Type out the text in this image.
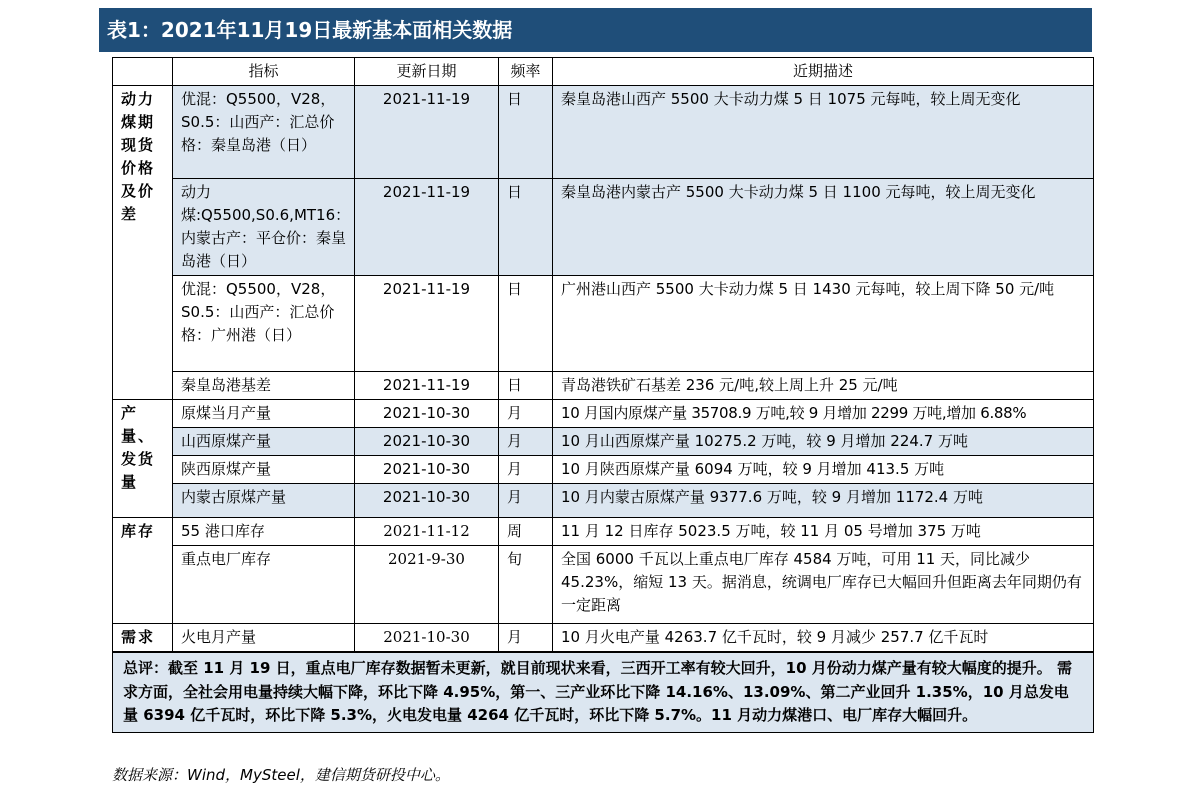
表1：2021年11月19日最新基本面相关数据
	指标	更新日期	频率	近期描述
动力煤期现货价格及价差	优混：Q5500，V28，S0.5：山西产：汇总价格：秦皇岛港（日）	2021-11-19	日	秦皇岛港山西产 5500 大卡动力煤 5 日 1075 元每吨，较上周无变化
	动力煤:Q5500,S0.6,MT16：内蒙古产：平仓价：秦皇岛港（日）	2021-11-19	日	秦皇岛港内蒙古产 5500 大卡动力煤 5 日 1100 元每吨，较上周无变化
	优混：Q5500，V28，S0.5：山西产：汇总价格：广州港（日）	2021-11-19	日	广州港山西产 5500 大卡动力煤 5 日 1430 元每吨，较上周下降 50 元/吨
	秦皇岛港基差	2021-11-19	日	青岛港铁矿石基差 236 元/吨,较上周上升 25 元/吨
产量、发货量	原煤当月产量	2021-10-30	月	10 月国内原煤产量 35708.9 万吨,较 9 月增加 2299 万吨,增加 6.88%
	山西原煤产量	2021-10-30	月	10 月山西原煤产量 10275.2 万吨，较 9 月增加 224.7 万吨
	陕西原煤产量	2021-10-30	月	10 月陕西原煤产量 6094 万吨，较 9 月增加 413.5 万吨
	内蒙古原煤产量	2021-10-30	月	10 月内蒙古原煤产量 9377.6 万吨，较 9 月增加 1172.4 万吨
库存	55 港口库存	2021-11-12	周	11 月 12 日库存 5023.5 万吨，较 11 月 05 号增加 375 万吨
	重点电厂库存	2021-9-30	旬	全国 6000 千瓦以上重点电厂库存 4584 万吨，可用 11 天，同比减少 45.23%，缩短 13 天。据消息，统调电厂库存已大幅回升但距离去年同期仍有一定距离
需求	火电月产量	2021-10-30	月	10 月火电产量 4263.7 亿千瓦时，较 9 月减少 257.7 亿千瓦时
总评：截至 11 月 19 日，重点电厂库存数据暂未更新，就目前现状来看，三西开工率有较大回升，10 月份动力煤产量有较大幅度的提升。 需求方面，全社会用电量持续大幅下降，环比下降 4.95%，第一、三产业环比下降 14.16%、13.09%、第二产业回升 1.35%，10 月总发电量 6394 亿千瓦时，环比下降 5.3%，火电发电量 4264 亿千瓦时，环比下降 5.7%。11 月动力煤港口、电厂库存大幅回升。				
数据来源：Wind，MySteel，建信期货研投中心。
